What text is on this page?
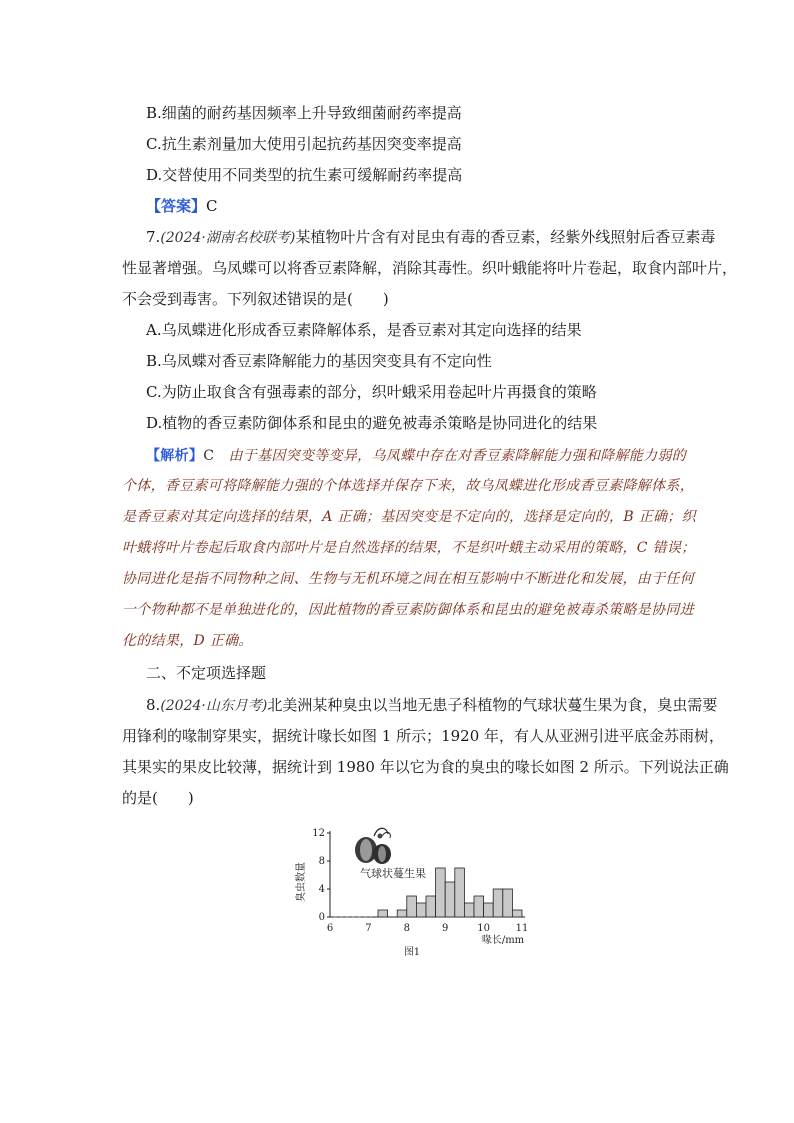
B.细菌的耐药基因频率上升导致细菌耐药率提高
C.抗生素剂量加大使用引起抗药基因突变率提高
D.交替使用不同类型的抗生素可缓解耐药率提高
【答案】C
7.(2024·湖南名校联考)某植物叶片含有对昆虫有毒的香豆素，经紫外线照射后香豆素毒
性显著增强。乌凤蝶可以将香豆素降解，消除其毒性。织叶蛾能将叶片卷起，取食内部叶片，
不会受到毒害。下列叙述错误的是(　　)
A.乌凤蝶进化形成香豆素降解体系，是香豆素对其定向选择的结果
B.乌凤蝶对香豆素降解能力的基因突变具有不定向性
C.为防止取食含有强毒素的部分，织叶蛾采用卷起叶片再摄食的策略
D.植物的香豆素防御体系和昆虫的避免被毒杀策略是协同进化的结果
【解析】C 由于基因突变等变异，乌凤蝶中存在对香豆素降解能力强和降解能力弱的
个体，香豆素可将降解能力强的个体选择并保存下来，故乌凤蝶进化形成香豆素降解体系，
是香豆素对其定向选择的结果，A 正确；基因突变是不定向的，选择是定向的，B 正确；织
叶蛾将叶片卷起后取食内部叶片是自然选择的结果，不是织叶蛾主动采用的策略，C 错误；
协同进化是指不同物种之间、生物与无机环境之间在相互影响中不断进化和发展，由于任何
一个物种都不是单独进化的，因此植物的香豆素防御体系和昆虫的避免被毒杀策略是协同进
化的结果，D 正确。
二、不定项选择题
8.(2024·山东月考)北美洲某种臭虫以当地无患子科植物的气球状蔓生果为食，臭虫需要
用锋利的喙制穿果实，据统计喙长如图 1 所示；1920 年，有人从亚洲引进平底金苏雨树，
其果实的果皮比较薄，据统计到 1980 年以它为食的臭虫的喙长如图 2 所示。下列说法正确
的是(　　)
0
4
8
12
6	7	8	9	10	11
气球状蔓生果
臭虫数量
喙长/mm
图1
